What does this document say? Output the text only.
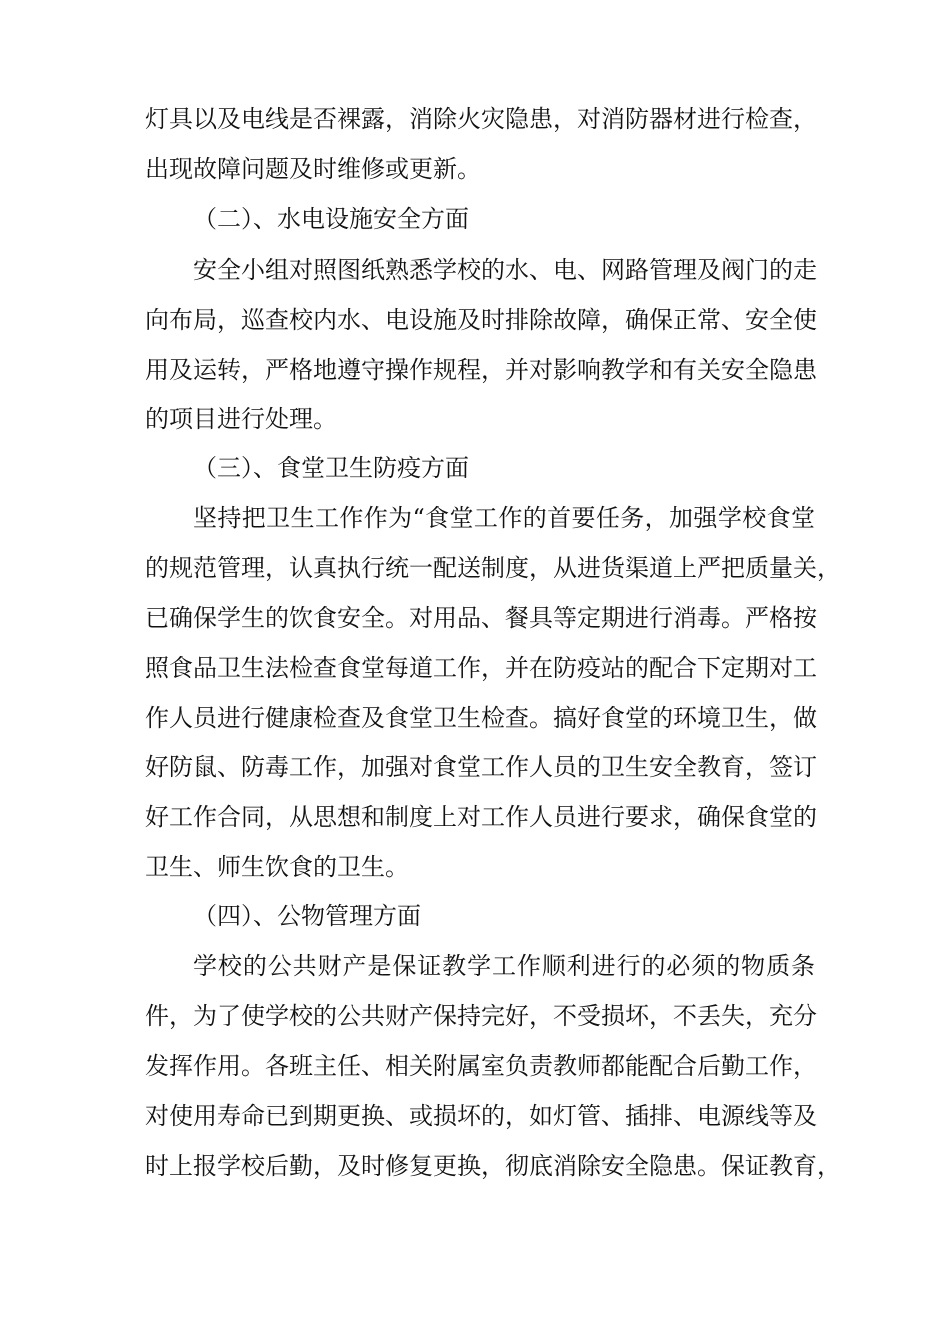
灯具以及电线是否裸露，消除火灾隐患，对消防器材进行检查，
出现故障问题及时维修或更新。
（二）、水电设施安全方面
安全小组对照图纸熟悉学校的水、电、网路管理及阀门的走
向布局，巡查校内水、电设施及时排除故障，确保正常、安全使
用及运转，严格地遵守操作规程，并对影响教学和有关安全隐患
的项目进行处理。
（三）、食堂卫生防疫方面
坚持把卫生工作作为“食堂工作的首要任务，加强学校食堂
的规范管理，认真执行统一配送制度，从进货渠道上严把质量关，
已确保学生的饮食安全。对用品、餐具等定期进行消毒。严格按
照食品卫生法检查食堂每道工作，并在防疫站的配合下定期对工
作人员进行健康检查及食堂卫生检查。搞好食堂的环境卫生，做
好防鼠、防毒工作，加强对食堂工作人员的卫生安全教育，签订
好工作合同，从思想和制度上对工作人员进行要求，确保食堂的
卫生、师生饮食的卫生。
（四）、公物管理方面
学校的公共财产是保证教学工作顺利进行的必须的物质条
件，为了使学校的公共财产保持完好，不受损坏，不丢失，充分
发挥作用。各班主任、相关附属室负责教师都能配合后勤工作，
对使用寿命已到期更换、或损坏的，如灯管、插排、电源线等及
时上报学校后勤，及时修复更换，彻底消除安全隐患。保证教育，
